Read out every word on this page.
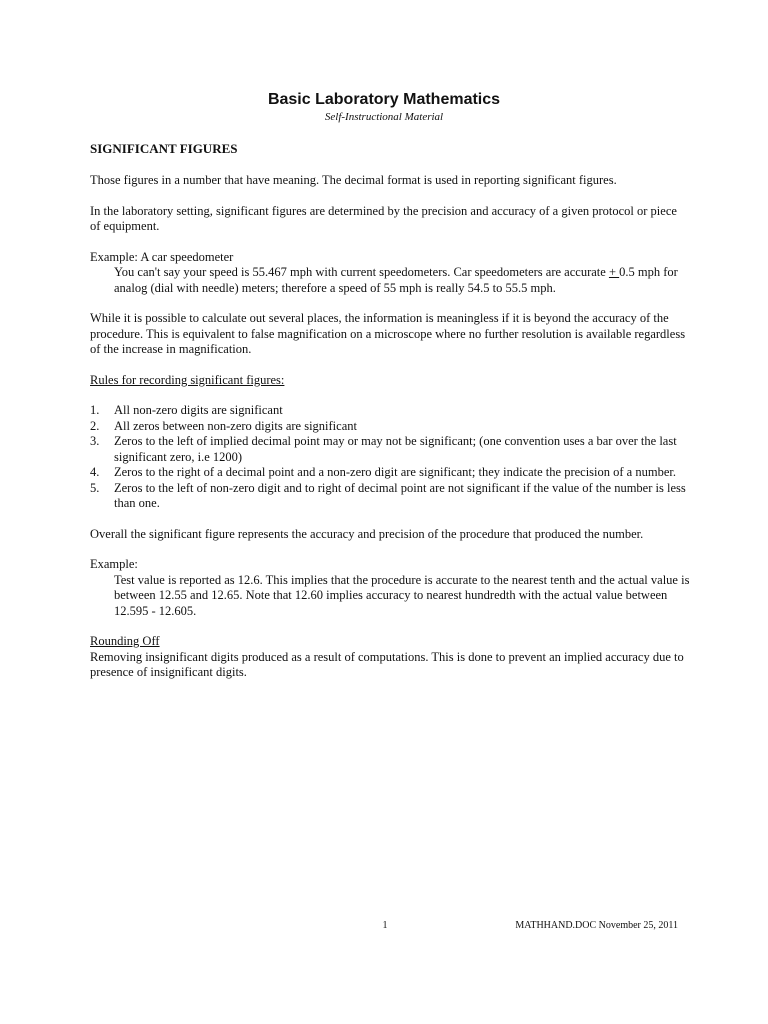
Basic Laboratory Mathematics
Self-Instructional Material
SIGNIFICANT FIGURES

Those figures in a number that have meaning. The decimal format is used in reporting significant figures.

In the laboratory setting, significant figures are determined by the precision and accuracy of a given protocol or piece of equipment.

Example: A car speedometer
You can't say your speed is 55.467 mph with current speedometers. Car speedometers are accurate + 0.5 mph for analog (dial with needle) meters; therefore a speed of 55 mph is really 54.5 to 55.5 mph.

While it is possible to calculate out several places, the information is meaningless if it is beyond the accuracy of the procedure. This is equivalent to false magnification on a microscope where no further resolution is available regardless of the increase in magnification.

Rules for recording significant figures:
1. All non-zero digits are significant
2. All zeros between non-zero digits are significant
3. Zeros to the left of implied decimal point may or may not be significant; (one convention uses a bar over the last significant zero, i.e 1200)
4. Zeros to the right of a decimal point and a non-zero digit are significant; they indicate the precision of a number.
5. Zeros to the left of non-zero digit and to right of decimal point are not significant if the value of the number is less than one.

Overall the significant figure represents the accuracy and precision of the procedure that produced the number.

Example:
Test value is reported as 12.6. This implies that the procedure is accurate to the nearest tenth and the actual value is between 12.55 and 12.65. Note that 12.60 implies accuracy to nearest hundredth with the actual value between 12.595 - 12.605.
Rounding Off
Removing insignificant digits produced as a result of computations. This is done to prevent an implied accuracy due to presence of insignificant digits.
1	MATHHAND.DOC November 25, 2011
